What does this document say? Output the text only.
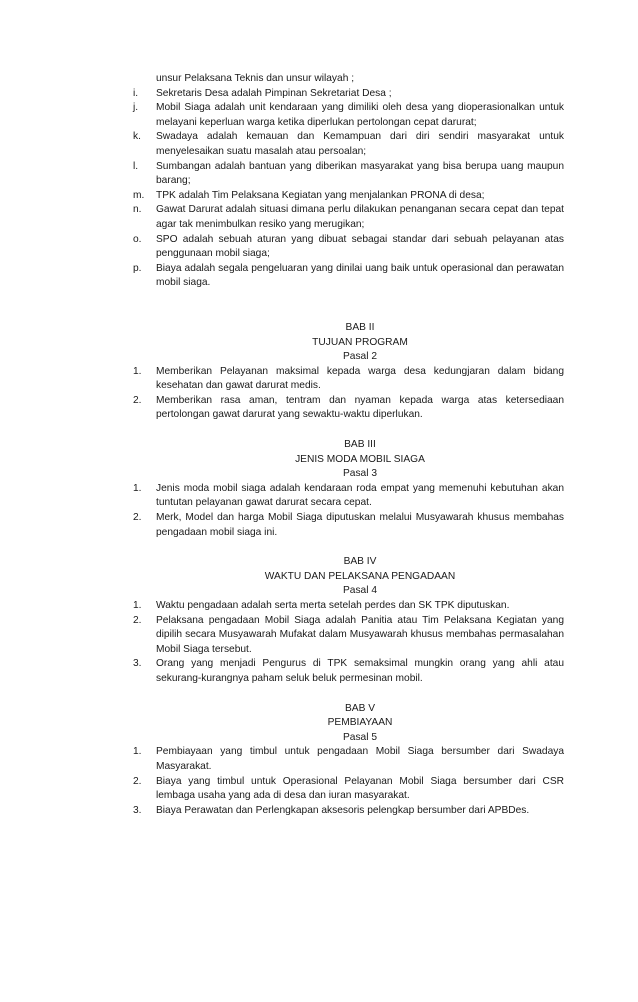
unsur Pelaksana Teknis dan unsur wilayah ;
i.	Sekretaris Desa adalah Pimpinan Sekretariat Desa ;
j.	Mobil Siaga adalah unit kendaraan yang dimiliki oleh desa yang dioperasionalkan untuk melayani keperluan warga ketika diperlukan pertolongan cepat darurat;
k.	Swadaya adalah kemauan dan Kemampuan dari diri sendiri masyarakat untuk menyelesaikan suatu masalah atau persoalan;
l.	Sumbangan adalah bantuan yang diberikan masyarakat yang bisa berupa uang maupun barang;
m.	TPK adalah Tim Pelaksana Kegiatan yang menjalankan PRONA di desa;
n.	Gawat Darurat adalah situasi dimana perlu dilakukan penanganan secara cepat dan tepat agar tak menimbulkan resiko yang merugikan;
o.	SPO adalah sebuah aturan yang dibuat sebagai standar dari sebuah pelayanan atas penggunaan mobil siaga;
p.	Biaya adalah segala pengeluaran yang dinilai uang baik untuk operasional dan perawatan mobil siaga.
BAB II
TUJUAN PROGRAM
Pasal 2
1.	Memberikan Pelayanan maksimal kepada warga desa kedungjaran dalam bidang kesehatan dan gawat darurat medis.
2.	Memberikan rasa aman, tentram dan nyaman kepada warga atas ketersediaan pertolongan gawat darurat yang sewaktu-waktu diperlukan.
BAB III
JENIS MODA MOBIL SIAGA
Pasal 3
1.	Jenis moda mobil siaga adalah kendaraan roda empat yang memenuhi kebutuhan akan tuntutan pelayanan gawat darurat secara cepat.
2.	Merk, Model dan harga Mobil Siaga diputuskan melalui Musyawarah khusus membahas pengadaan mobil siaga ini.
BAB IV
WAKTU DAN PELAKSANA PENGADAAN
Pasal 4
1.	Waktu pengadaan adalah serta merta setelah perdes dan SK TPK diputuskan.
2.	Pelaksana pengadaan Mobil Siaga adalah Panitia atau Tim Pelaksana Kegiatan yang dipilih secara Musyawarah Mufakat dalam Musyawarah khusus membahas permasalahan Mobil Siaga tersebut.
3.	Orang yang menjadi Pengurus di TPK semaksimal mungkin orang yang ahli atau sekurang-kurangnya paham seluk beluk permesinan mobil.
BAB V
PEMBIAYAAN
Pasal 5
1.	Pembiayaan yang timbul untuk pengadaan Mobil Siaga bersumber dari Swadaya Masyarakat.
2.	Biaya yang timbul untuk Operasional Pelayanan Mobil Siaga bersumber dari CSR lembaga usaha yang ada di desa dan iuran masyarakat.
3.	Biaya Perawatan dan Perlengkapan aksesoris pelengkap bersumber dari APBDes.
